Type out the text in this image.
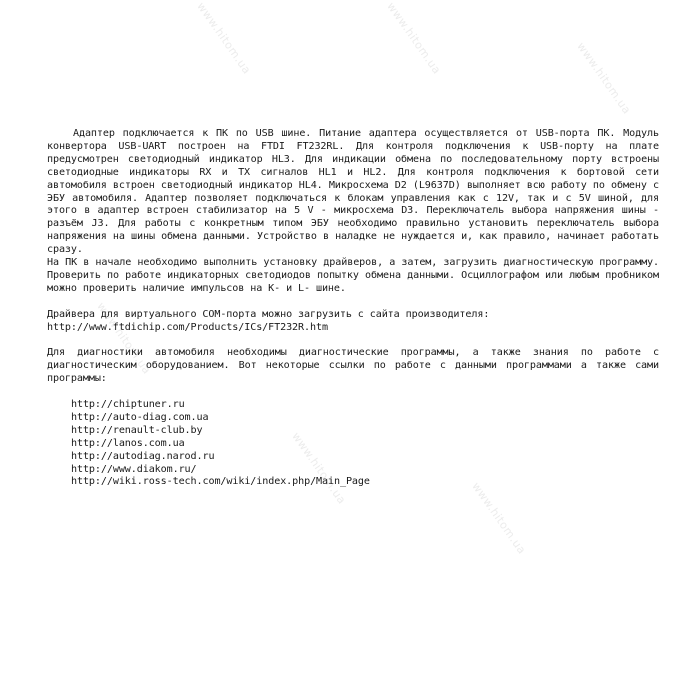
www.hitom.ua	www.hitom.ua
www.hitom.ua
www.hitom.ua
www.hitom.ua
www.hitom.ua

Адаптер подключается к ПК по USB шине. Питание адаптера осуществляется от USB-порта ПК. Модуль конвертора USB-UART построен на FTDI FT232RL. Для контроля подключения к USB-порту на плате предусмотрен светодиодный индикатор HL3. Для индикации обмена по последовательному порту встроены светодиодные индикаторы RX и TX сигналов HL1 и HL2. Для контроля подключения к бортовой сети автомобиля встроен светодиодный индикатор HL4. Микросхема D2 (L9637D) выполняет всю работу по обмену с ЭБУ автомобиля. Адаптер позволяет подключаться к блокам управления как с 12V, так и с 5V шиной, для этого в адаптер встроен стабилизатор на 5 V - микросхема D3. Переключатель выбора напряжения шины - разъём J3. Для работы с конкретным типом ЭБУ необходимо правильно установить переключатель выбора напряжения на шины обмена данными. Устройство в наладке не нуждается и, как правило, начинает работать сразу.

На ПК в начале необходимо выполнить установку драйверов, а затем, загрузить диагностическую программу. Проверить по работе индикаторных светодиодов попытку обмена данными. Осциллографом или любым пробником можно проверить наличие импульсов на K- и L- шине.

Драйвера для виртуального COM-порта можно загрузить с сайта производителя:

http://www.ftdichip.com/Products/ICs/FT232R.htm

Для диагностики автомобиля необходимы диагностические программы, а также знания по работе с диагностическим оборудованием. Вот некоторые ссылки по работе с данными программами а также сами программы:

http://chiptuner.ru
http://auto-diag.com.ua
http://renault-club.by
http://lanos.com.ua
http://autodiag.narod.ru
http://www.diakom.ru/
http://wiki.ross-tech.com/wiki/index.php/Main_Page
